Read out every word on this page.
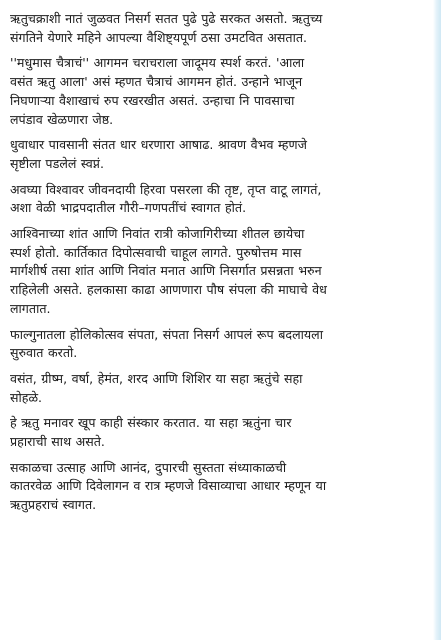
ऋतुचक्राशी नातं जुळवत निसर्ग सतत पुढे पुढे सरकत असतो. ऋतुच्य
संगतिने येणारे महिने आपल्या वैशिष्ट्यपूर्ण ठसा उमटवित असतात.

''मधुमास चैत्राचं'' आगमन चराचराला जादूमय स्पर्श करतं. 'आला
वसंत ऋतु आला' असं म्हणत चैत्राचं आगमन होतं. उन्हाने भाजून
निघणाऱ्या वैशाखाचं रुप रखरखीत असतं. उन्हाचा नि पावसाचा
लपंडाव खेळणारा जेष्ठ.

धुवाधार पावसानी संतत धार धरणारा आषाढ. श्रावण वैभव म्हणजे
सृष्टीला पडलेलं स्वप्नं.

अवघ्या विश्वावर जीवनदायी हिरवा पसरला की तृष्ट, तृप्त वाटू लागतं,
अशा वेळी भाद्रपदातील गौरी–गणपतींचं स्वागत होतं.

आश्विनाच्या शांत आणि निवांत रात्री कोजागिरीच्या शीतल छायेचा
स्पर्श होतो. कार्तिकात दिपोत्सवाची चाहूल लागते. पुरुषोत्तम मास
मार्गशीर्ष तसा शांत आणि निवांत मनात आणि निसर्गात प्रसन्नता भरुन
राहिलेली असते. हलकासा काढा आणणारा पौष संपला की माघाचे वेध
लागतात.

फाल्गुनातला होलिकोत्सव संपता, संपता निसर्ग आपलं रूप बदलायला
सुरुवात करतो.

वसंत, ग्रीष्म, वर्षा, हेमंत, शरद आणि शिशिर या सहा ऋतुंचे सहा
सोहळे.

हे ऋतु मनावर खूप काही संस्कार करतात. या सहा ऋतुंना चार
प्रहाराची साथ असते.

सकाळचा उत्साह आणि आनंद, दुपारची सुस्तता संध्याकाळची
कातरवेळ आणि दिवेलागन व रात्र म्हणजे विसाव्याचा आधार म्हणून या
ऋतुप्रहराचं स्वागत.
